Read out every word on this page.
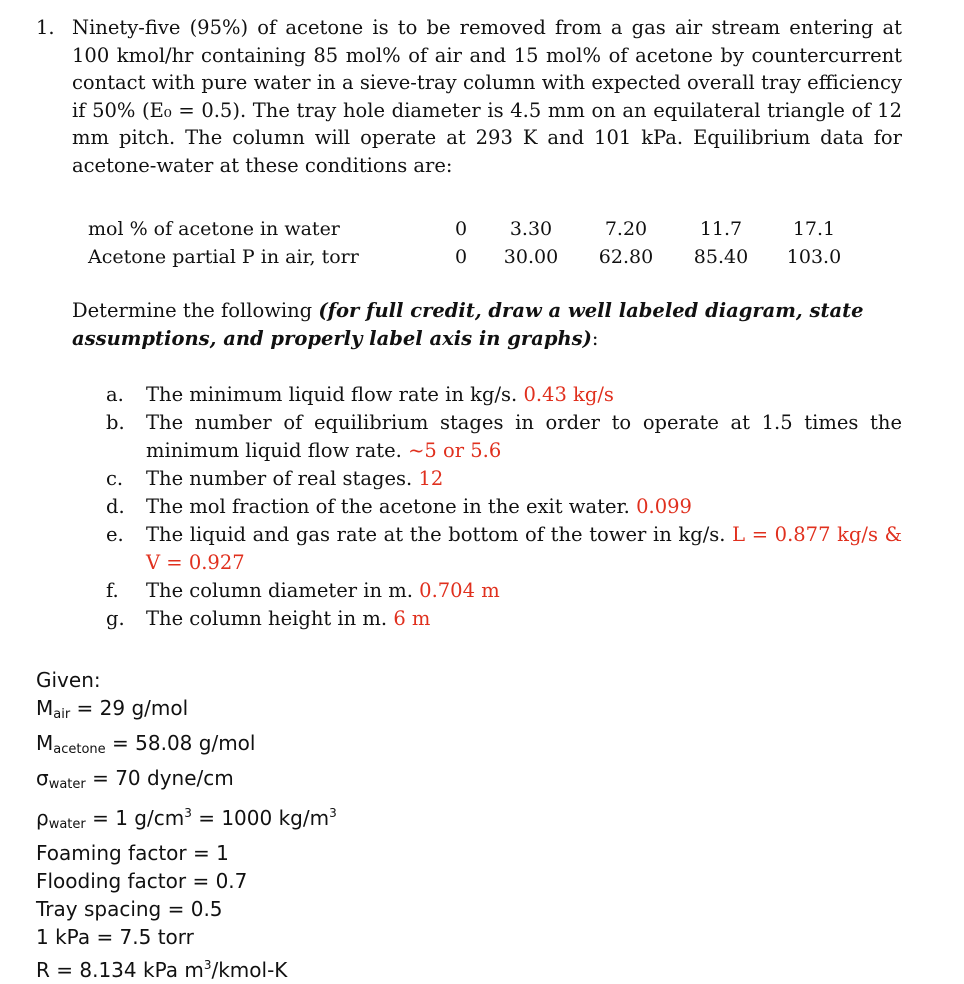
1. Ninety-five (95%) of acetone is to be removed from a gas air stream entering at 100 kmol/hr containing 85 mol% of air and 15 mol% of acetone by countercurrent contact with pure water in a sieve-tray column with expected overall tray efficiency if 50% (E₀ = 0.5). The tray hole diameter is 4.5 mm on an equilateral triangle of 12 mm pitch. The column will operate at 293 K and 101 kPa. Equilibrium data for acetone-water at these conditions are:
mol % of acetone in water	0	3.30	7.20	11.7	17.1
Acetone partial P in air, torr	0	30.00	62.80	85.40	103.0
Determine the following (for full credit, draw a well labeled diagram, state assumptions, and properly label axis in graphs):
a. The minimum liquid flow rate in kg/s. 0.43 kg/s
b. The number of equilibrium stages in order to operate at 1.5 times the minimum liquid flow rate. ~5 or 5.6
c. The number of real stages. 12
d. The mol fraction of the acetone in the exit water. 0.099
e. The liquid and gas rate at the bottom of the tower in kg/s. L = 0.877 kg/s & V = 0.927
f. The column diameter in m. 0.704 m
g. The column height in m. 6 m
Given:
$M_{air} = 29$ g/mol
$M_{acetone} = 58.08$ g/mol
$\sigma_{water} = 70$ dyne/cm
$\rho_{water} = 1$ $g/cm^3 = 1000$ $kg/m^3$
Foaming factor = 1
Flooding factor = 0.7
Tray spacing = 0.5
1 kPa = 7.5 torr
R = 8.134 kPa $m^3/kmol-K$
